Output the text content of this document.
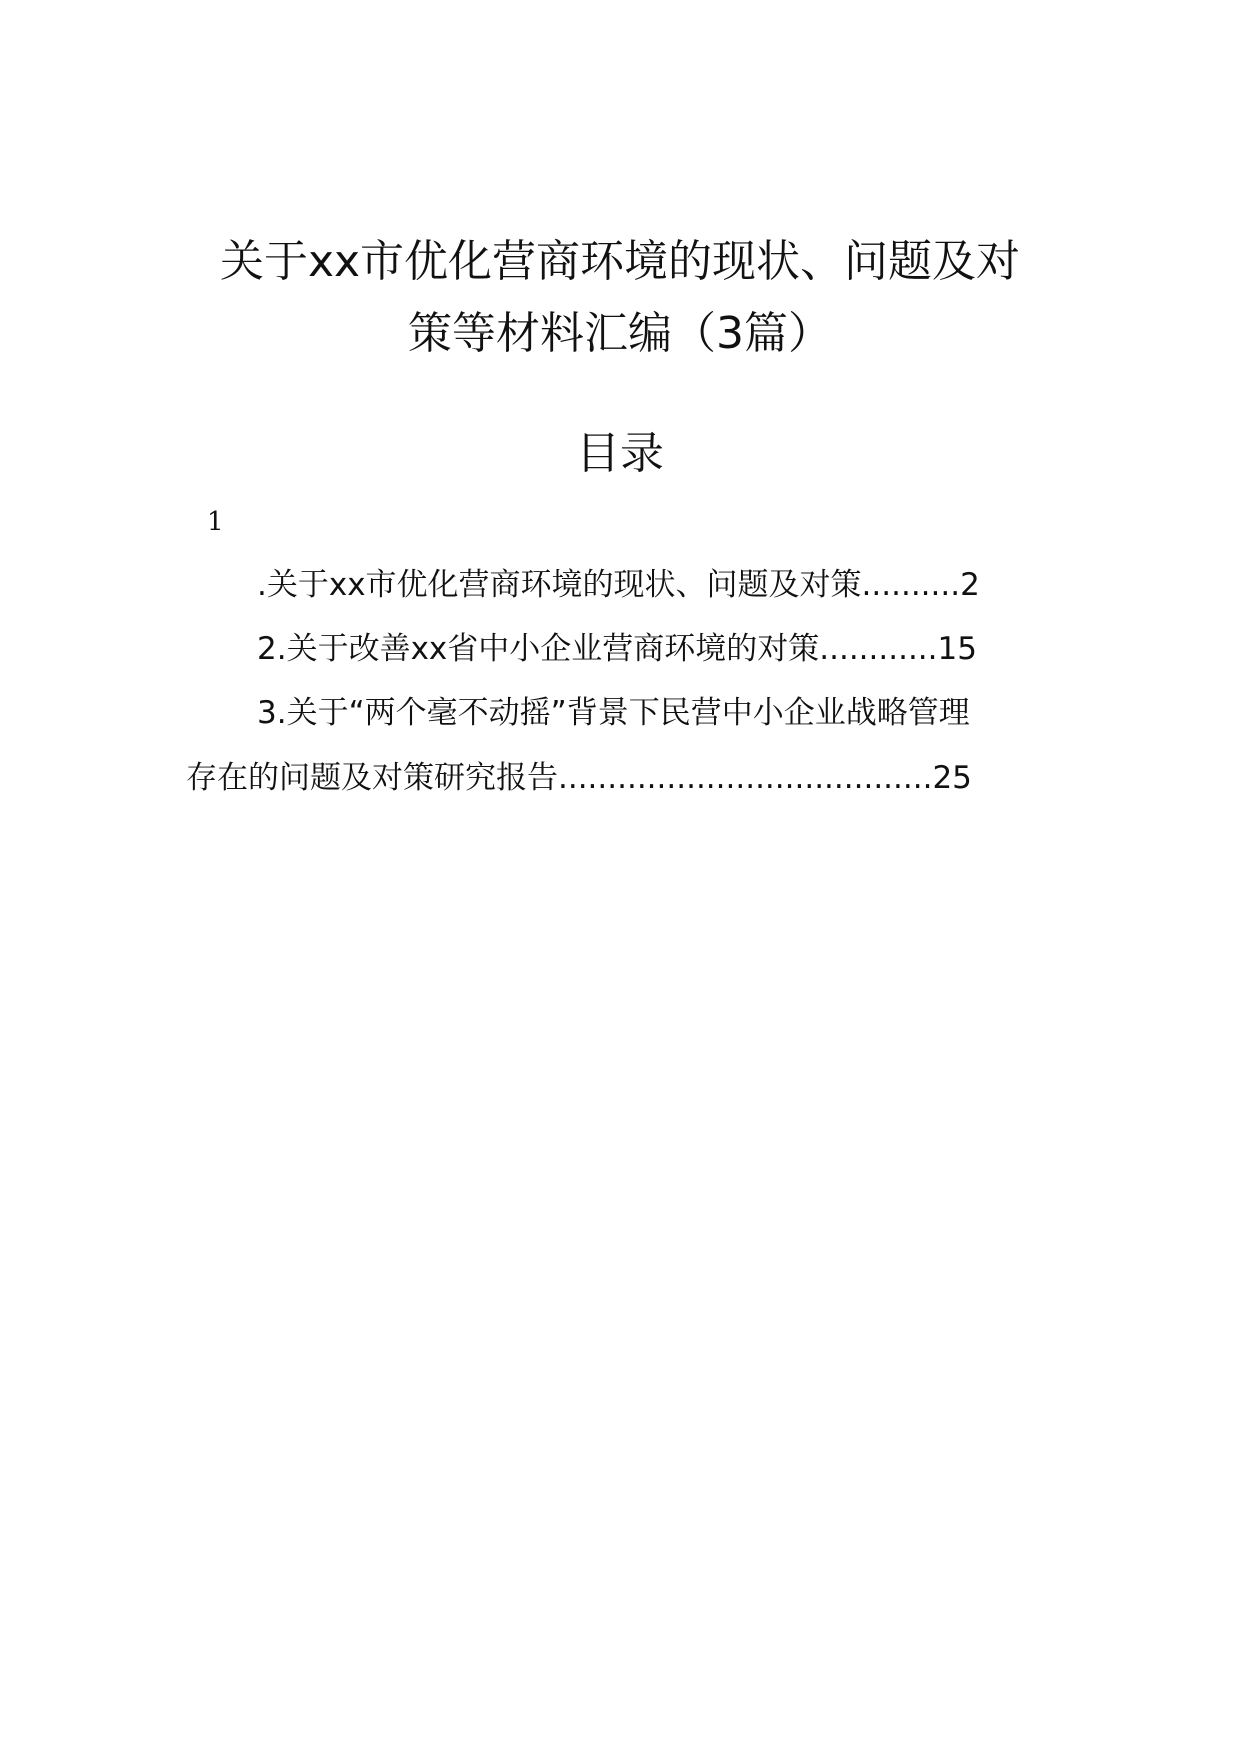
关于xx市优化营商环境的现状、问题及对
策等材料汇编（3篇）
目录
1
.关于xx市优化营商环境的现状、问题及对策..........2
2.关于改善xx省中小企业营商环境的对策............15
3.关于“两个毫不动摇”背景下民营中小企业战略管理
存在的问题及对策研究报告......................................25
